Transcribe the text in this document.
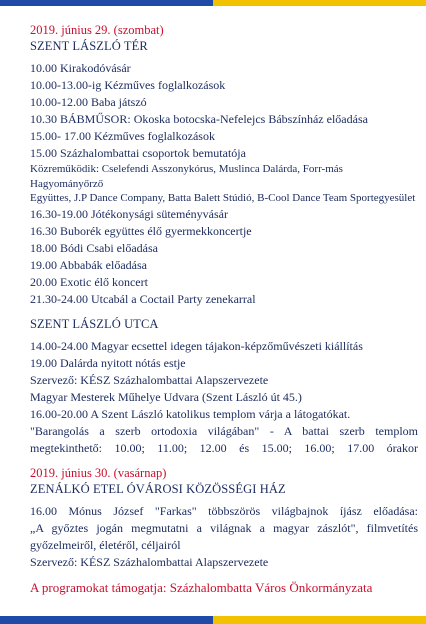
2019. június 29. (szombat)

SZENT LÁSZLÓ TÉR

10.00 Kirakodóvásár

10.00-13.00-ig Kézműves foglalkozások

10.00-12.00 Baba játszó

10.30 BÁBMŰSOR: Okoska botocska-Nefelejcs Bábszínház előadása

15.00- 17.00 Kézműves foglalkozások

15.00 Százhalombattai csoportok bemutatója

Közreműködik: Cselefendi Asszonykórus, Muslinca Dalárda, Forr-más Hagyományőrző

Együttes, J.P Dance Company, Batta Balett Stúdió, B-Cool Dance Team Sportegyesület

16.30-19.00 Jótékonysági süteményvásár

16.30 Buborék együttes élő gyermekkoncertje

18.00 Bódi Csabi előadása

19.00 Abbabák előadása

20.00 Exotic élő koncert

21.30-24.00 Utcabál a Coctail Party zenekarral

SZENT LÁSZLÓ UTCA

14.00-24.00 Magyar ecsettel idegen tájakon-képzőművészeti kiállítás

19.00 Dalárda nyitott nótás estje

Szervező: KÉSZ Százhalombattai Alapszervezete

Magyar Mesterek Műhelye Udvara (Szent László út 45.)

16.00-20.00 A Szent László katolikus templom várja a látogatókat.

"Barangolás a szerb ortodoxia világában" - A battai szerb templom

megtekinthető: 10.00; 11.00; 12.00 és 15.00; 16.00; 17.00 órakor

2019. június 30. (vasárnap)

ZENÁLKÓ ETEL ÓVÁROSI KÖZÖSSÉGI HÁZ

16.00 Mónus József "Farkas" többszörös világbajnok íjász előadása:

„A győztes jogán megmutatni a világnak a magyar zászlót", filmvetítés

győzelmeiről, életéről, céljairól

Szervező: KÉSZ Százhalombattai Alapszervezete

A programokat támogatja: Százhalombatta Város Önkormányzata
